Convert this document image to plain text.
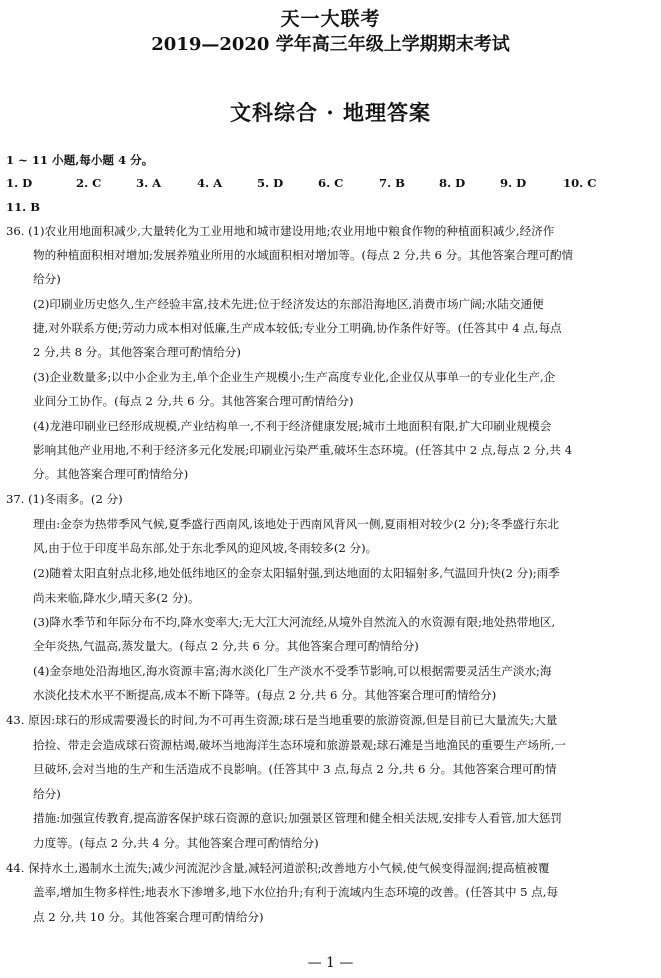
天一大联考
2019—2020 学年高三年级上学期期末考试
文科综合 · 地理答案
1 ~ 11 小题,每小题 4 分。
1. D	2. C	3. A	4. A	5. D	6. C	7. B	8. D	9. D	10. C
11. B
36. (1)农业用地面积减少,大量转化为工业用地和城市建设用地;农业用地中粮食作物的种植面积减少,经济作
物的种植面积相对增加;发展养殖业所用的水域面积相对增加等。(每点 2 分,共 6 分。其他答案合理可酌情
给分)
(2)印刷业历史悠久,生产经验丰富,技术先进;位于经济发达的东部沿海地区,消费市场广阔;水陆交通便
捷,对外联系方便;劳动力成本相对低廉,生产成本较低;专业分工明确,协作条件好等。(任答其中 4 点,每点
2 分,共 8 分。其他答案合理可酌情给分)
(3)企业数量多;以中小企业为主,单个企业生产规模小;生产高度专业化,企业仅从事单一的专业化生产,企
业间分工协作。(每点 2 分,共 6 分。其他答案合理可酌情给分)
(4)龙港印刷业已经形成规模,产业结构单一,不利于经济健康发展;城市土地面积有限,扩大印刷业规模会
影响其他产业用地,不利于经济多元化发展;印刷业污染严重,破坏生态环境。(任答其中 2 点,每点 2 分,共 4
分。其他答案合理可酌情给分)
37. (1)冬雨多。(2 分)
理由:金奈为热带季风气候,夏季盛行西南风,该地处于西南风背风一侧,夏雨相对较少(2 分);冬季盛行东北
风,由于位于印度半岛东部,处于东北季风的迎风坡,冬雨较多(2 分)。
(2)随着太阳直射点北移,地处低纬地区的金奈太阳辐射强,到达地面的太阳辐射多,气温回升快(2 分);雨季
尚未来临,降水少,晴天多(2 分)。
(3)降水季节和年际分布不均,降水变率大;无大江大河流经,从境外自然流入的水资源有限;地处热带地区,
全年炎热,气温高,蒸发量大。(每点 2 分,共 6 分。其他答案合理可酌情给分)
(4)金奈地处沿海地区,海水资源丰富;海水淡化厂生产淡水不受季节影响,可以根据需要灵活生产淡水;海
水淡化技术水平不断提高,成本不断下降等。(每点 2 分,共 6 分。其他答案合理可酌情给分)
43. 原因:球石的形成需要漫长的时间,为不可再生资源;球石是当地重要的旅游资源,但是目前已大量流失;大量
拾捡、带走会造成球石资源枯竭,破坏当地海洋生态环境和旅游景观;球石滩是当地渔民的重要生产场所,一
旦破坏,会对当地的生产和生活造成不良影响。(任答其中 3 点,每点 2 分,共 6 分。其他答案合理可酌情
给分)
措施:加强宣传教育,提高游客保护球石资源的意识;加强景区管理和健全相关法规,安排专人看管,加大惩罚
力度等。(每点 2 分,共 4 分。其他答案合理可酌情给分)
44. 保持水土,遏制水土流失;减少河流泥沙含量,减轻河道淤积;改善地方小气候,使气候变得湿润;提高植被覆
盖率,增加生物多样性;地表水下渗增多,地下水位抬升;有利于流域内生态环境的改善。(任答其中 5 点,每
点 2 分,共 10 分。其他答案合理可酌情给分)
— 1 —
